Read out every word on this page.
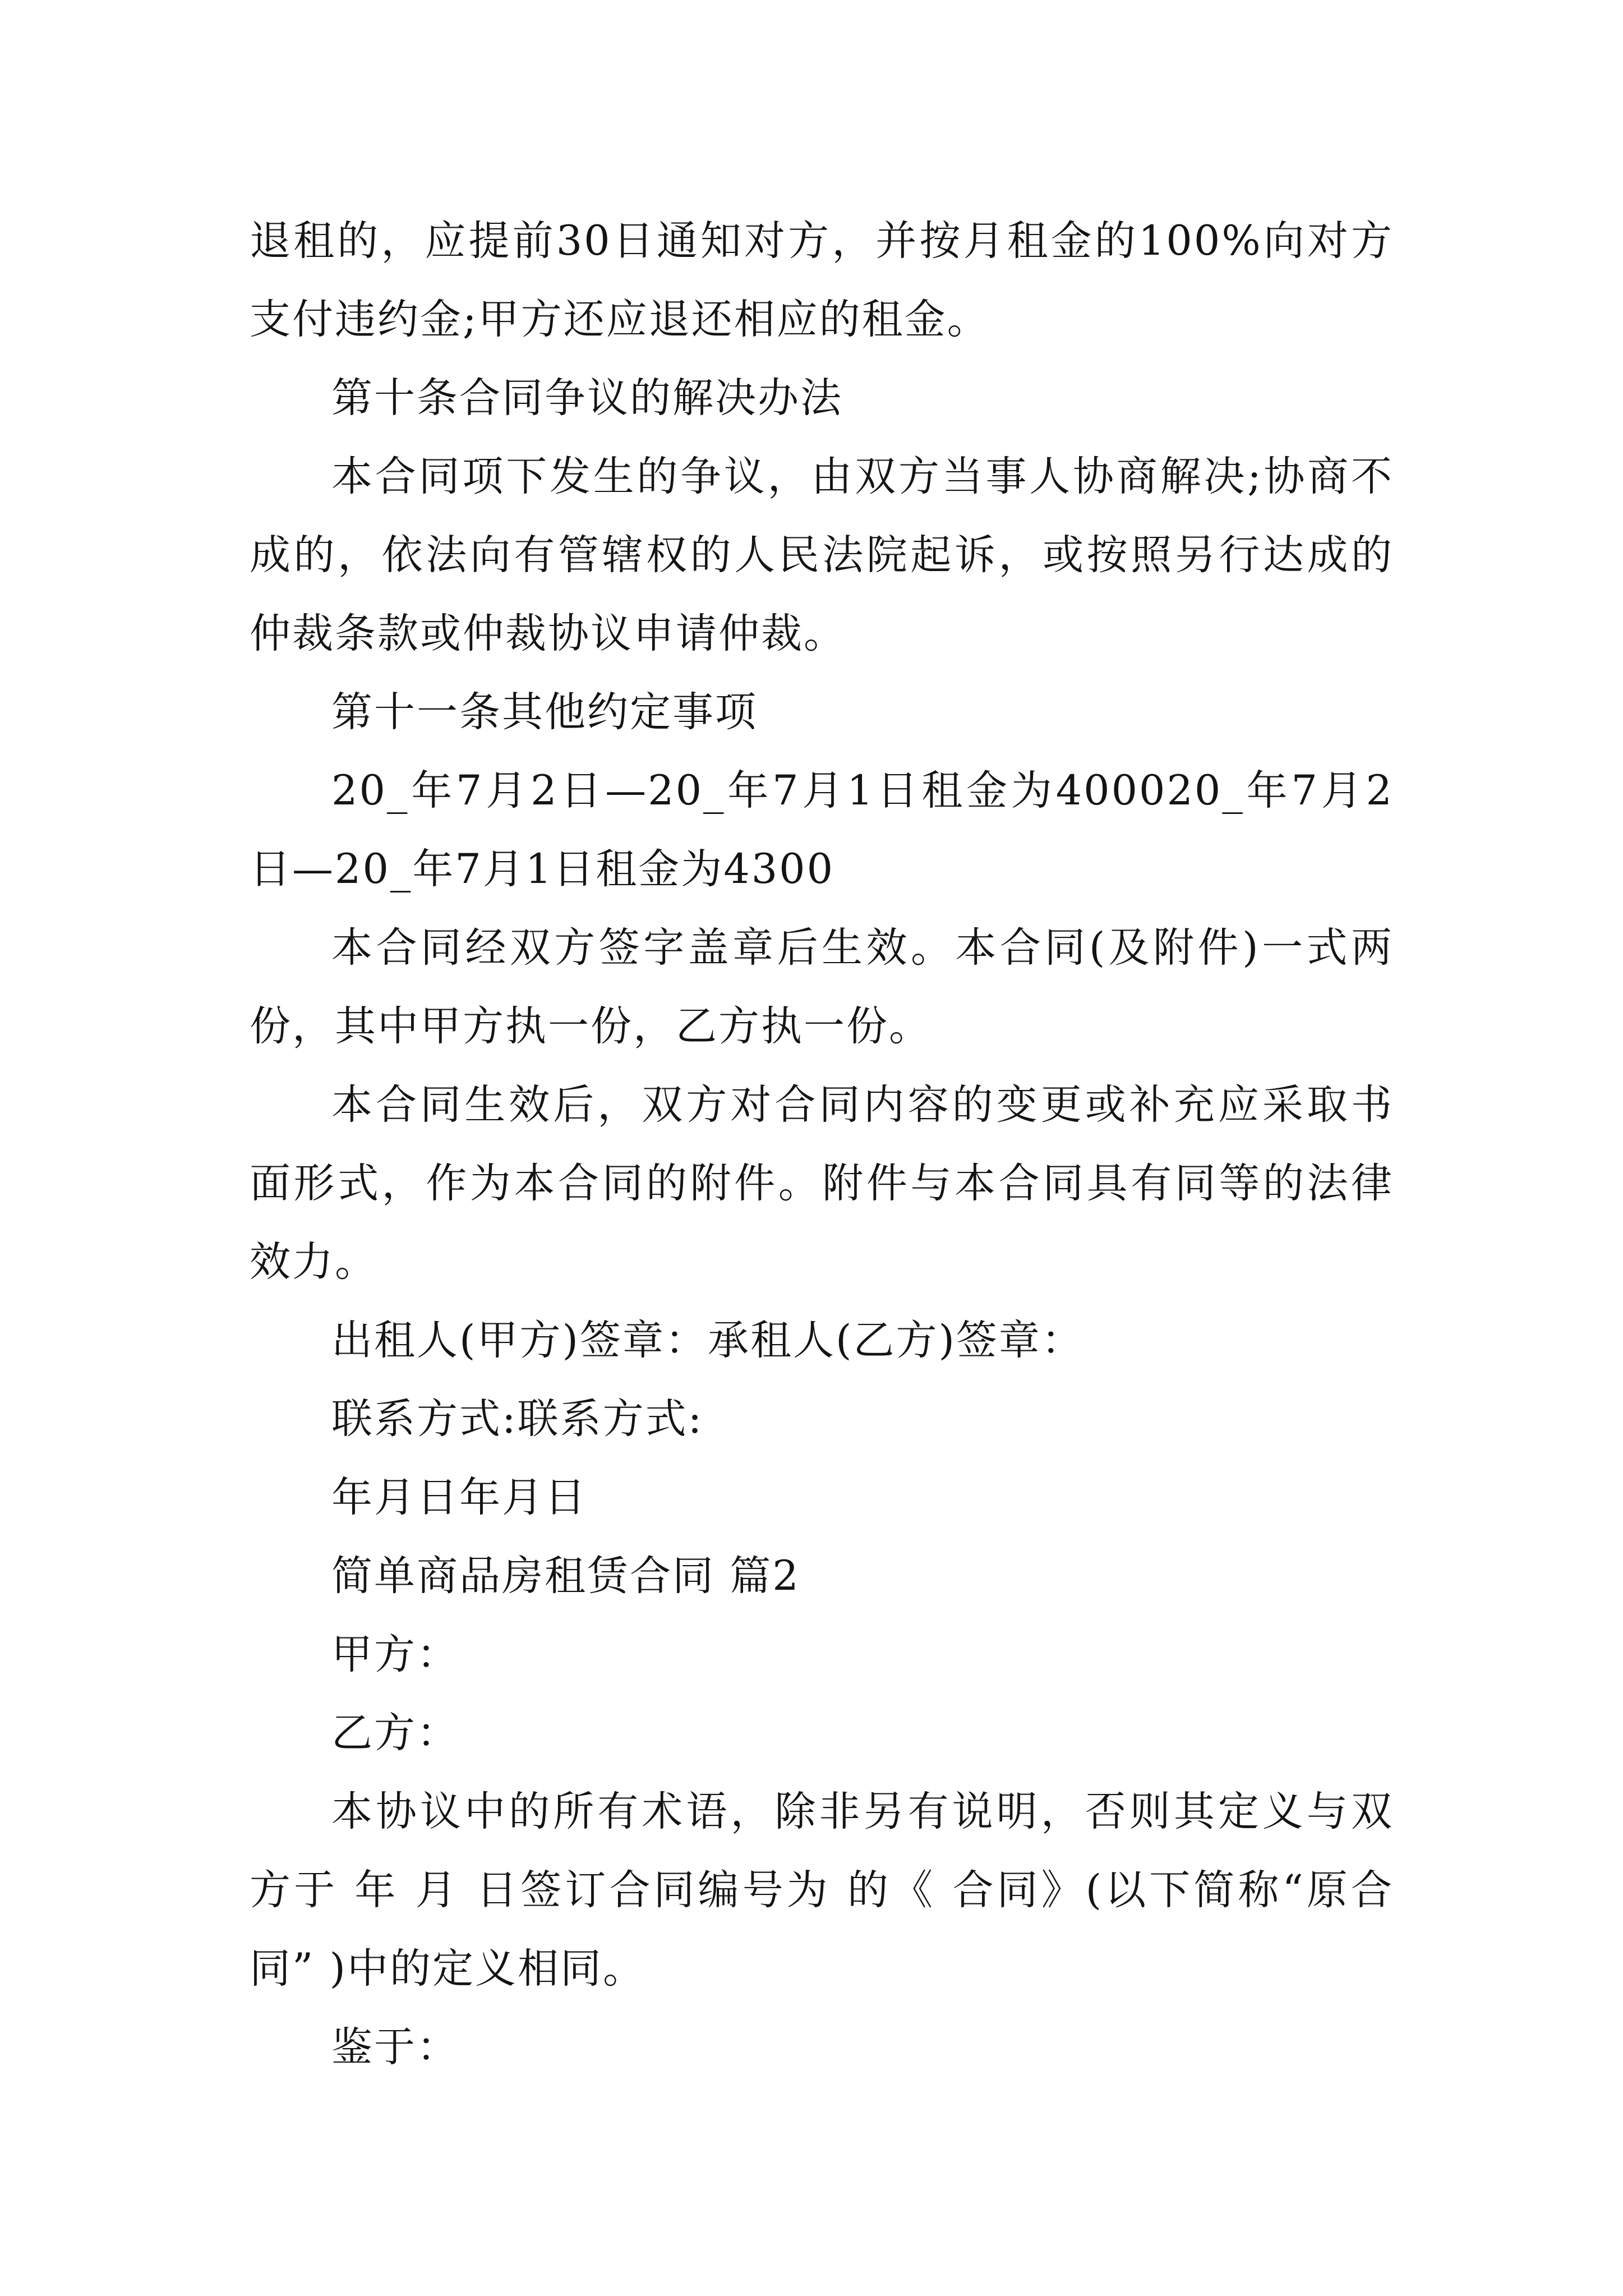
退租的，应提前30日通知对方，并按月租金的100%向对方支付违约金;甲方还应退还相应的租金。

第十条合同争议的解决办法

本合同项下发生的争议，由双方当事人协商解决;协商不成的，依法向有管辖权的人民法院起诉，或按照另行达成的仲裁条款或仲裁协议申请仲裁。

第十一条其他约定事项

20_年7月2日—20_年7月1日租金为400020_年7月2日—20_年7月1日租金为4300

本合同经双方签字盖章后生效。本合同(及附件)一式两份，其中甲方执一份，乙方执一份。

本合同生效后，双方对合同内容的变更或补充应采取书面形式，作为本合同的附件。附件与本合同具有同等的法律效力。

出租人(甲方)签章：承租人(乙方)签章：

联系方式:联系方式:

年月日年月日

简单商品房租赁合同 篇2

甲方：

乙方：

本协议中的所有术语，除非另有说明，否则其定义与双方于 年 月 日签订合同编号为 的《 合同》(以下简称“原合同” )中的定义相同。

鉴于：
